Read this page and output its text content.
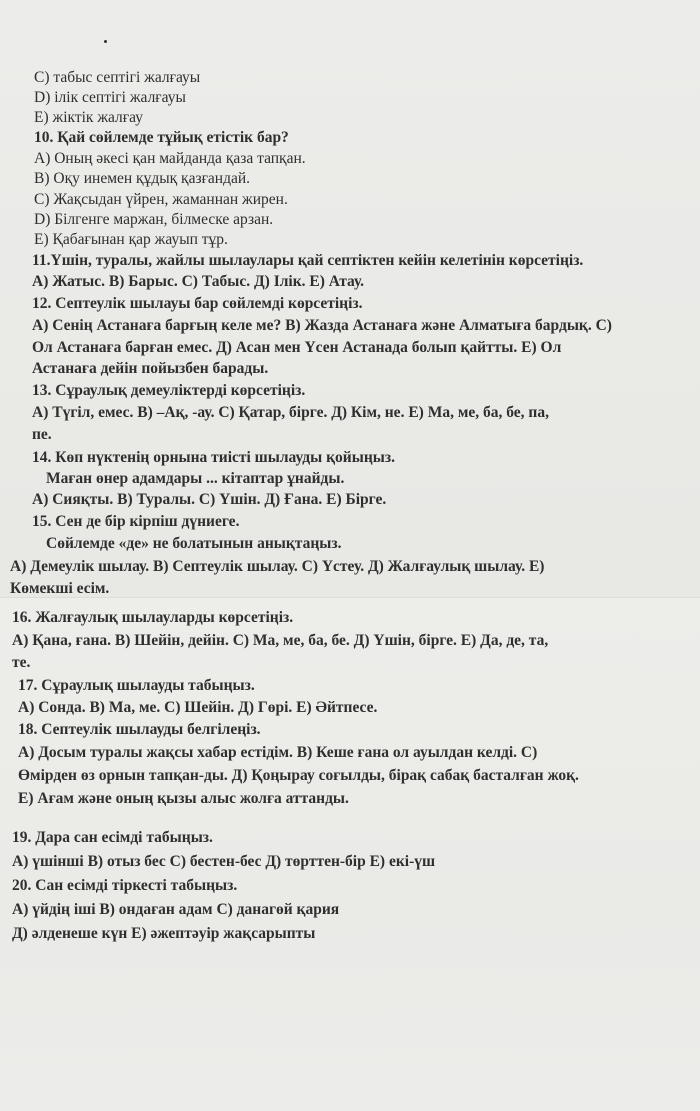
C) табыс септігі жалғауы
D) ілік септігі жалғауы
E) жіктік жалғау
10. Қай сөйлемде тұйық етістік бар?
A) Оның әкесі қан майданда қаза тапқан.
B) Оқу инемен құдық қазғандай.
C) Жақсыдан үйрен, жаманнан жирен.
D) Білгенге маржан, білмеске арзан.
E) Қабағынан қар жауып тұр.
11.Үшін, туралы, жайлы шылаулары қай септіктен кейін келетінін көрсетіңіз.
A) Жатыс. B) Барыс. C) Табыс. Д) Ілік. E) Атау.
12. Септеулік шылауы бар сөйлемді көрсетіңіз.
A) Сенің Астанаға барғың келе ме? B) Жазда Астанаға және Алматыға бардық. C)
Ол Астанаға барған емес. Д) Асан мен Үсен Астанада болып қайтты. E) Ол
Астанаға дейін пойызбен барады.
13. Сұраулық демеуліктерді көрсетіңіз.
A) Түгіл, емес. B) –Ақ, -ау. C) Қатар, бірге. Д) Кім, не. E) Ма, ме, ба, бе, па,
пе.
14. Көп нүктенің орнына тиісті шылауды қойыңыз.
Маған өнер адамдары ... кітаптар ұнайды.
A) Сияқты. B) Туралы. C) Үшін. Д) Ғана. E) Бірге.
15. Сен де бір кірпіш дүниеге.
Сөйлемде «де» не болатынын анықтаңыз.
A) Демеулік шылау. B) Септеулік шылау. C) Үстеу. Д) Жалғаулық шылау. E)
Көмекші есім.
16. Жалғаулық шылауларды көрсетіңіз.
A) Қана, ғана. B) Шейін, дейін. C) Ма, ме, ба, бе. Д) Үшін, бірге. E) Да, де, та,
те.
17. Сұраулық шылауды табыңыз.
A) Сонда. B) Ма, ме. C) Шейін. Д) Гөрі. E) Әйтпесе.
18. Септеулік шылауды белгілеңіз.
A) Досым туралы жақсы хабар естідім. B) Кеше ғана ол ауылдан келді. C)
Өмірден өз орнын тапқан-ды. Д) Қоңырау соғылды, бірақ сабақ басталған жоқ.
E) Ағам және оның қызы алыс жолға аттанды.
19. Дара сан есімді табыңыз.
A) үшінші B) отыз бес C) бестен-бес Д) төрттен-бір E) екі-үш
20. Сан есімді тіркесті табыңыз.
A) үйдің іші B) ондаған адам C) данагөй қария
Д) әлденеше күн E) әжептәуір жақсарыпты
